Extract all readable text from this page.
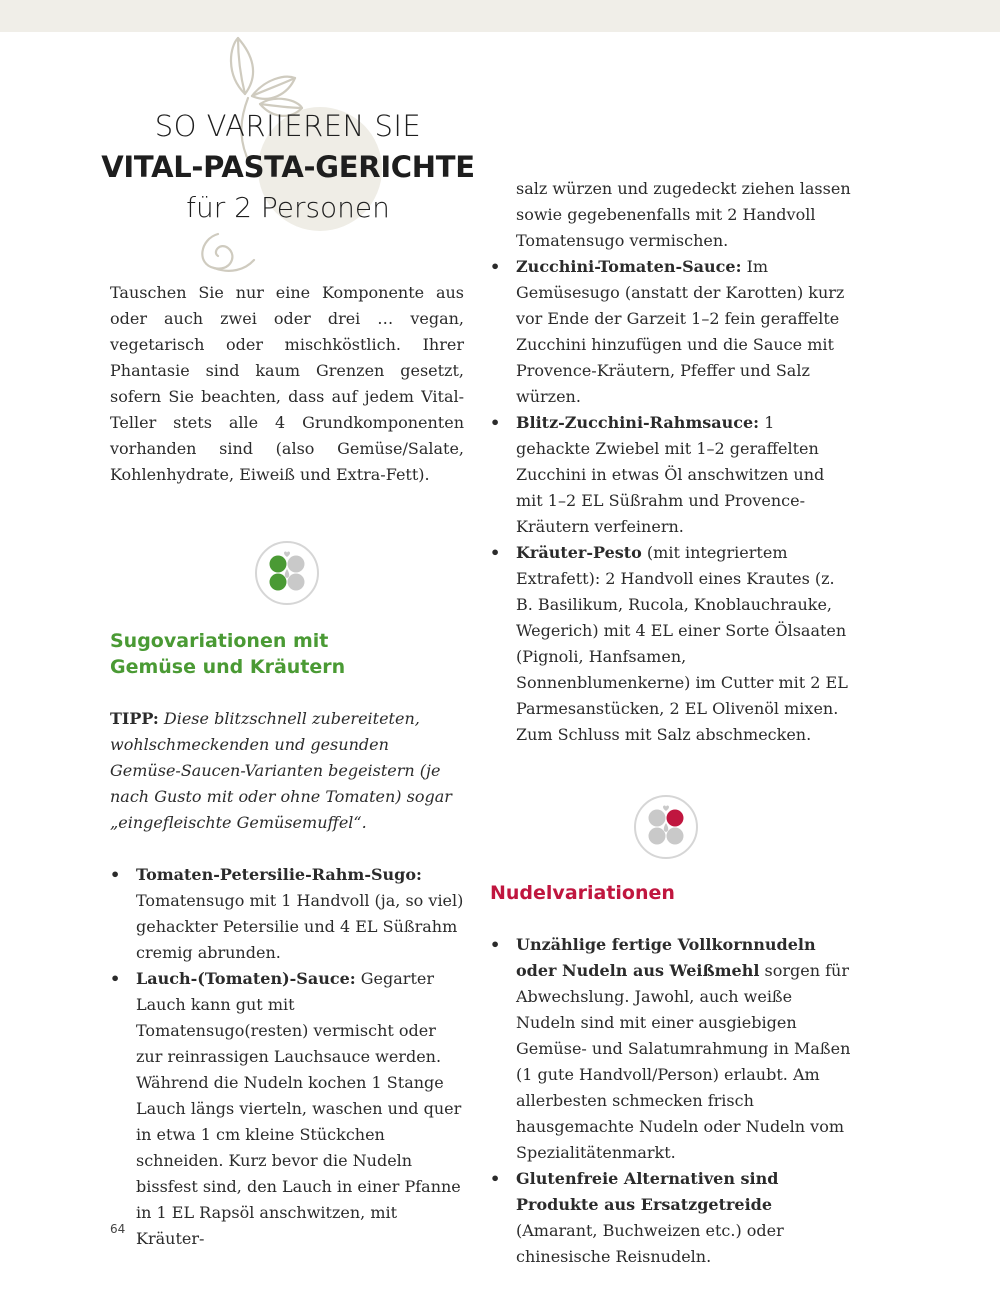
SO VARIIEREN SIE
VITAL-PASTA-GERICHTE
für 2 Personen

Tauschen Sie nur eine Komponente aus oder auch zwei oder drei … vegan, vegetarisch oder mischköstlich. Ihrer Phantasie sind kaum Grenzen gesetzt, sofern Sie beachten, dass auf jedem Vital-Teller stets alle 4 Grundkomponenten vorhanden sind (also Gemüse/Salate, Kohlenhydrate, Eiweiß und Extra-Fett).

Sugovariationen mit
Gemüse und Kräutern

TIPP: Diese blitzschnell zubereiteten, wohlschmeckenden und gesunden Gemüse-Saucen-Varianten begeistern (je nach Gusto mit oder ohne Tomaten) sogar „eingefleischte Gemüsemuffel“.

• Tomaten-Petersilie-Rahm-Sugo: Tomatensugo mit 1 Handvoll (ja, so viel) gehackter Petersilie und 4 EL Süßrahm cremig abrunden.
• Lauch-(Tomaten)-Sauce: Gegarter Lauch kann gut mit Tomatensugo(resten) vermischt oder zur reinrassigen Lauchsauce werden. Während die Nudeln kochen 1 Stange Lauch längs vierteln, waschen und quer in etwa 1 cm kleine Stückchen schneiden. Kurz bevor die Nudeln bissfest sind, den Lauch in einer Pfanne in 1 EL Rapsöl anschwitzen, mit Kräuter-
salz würzen und zugedeckt ziehen lassen sowie gegebenenfalls mit 2 Handvoll Tomatensugo vermischen.
• Zucchini-Tomaten-Sauce: Im Gemüsesugo (anstatt der Karotten) kurz vor Ende der Garzeit 1–2 fein geraffelte Zucchini hinzufügen und die Sauce mit Provence-Kräutern, Pfeffer und Salz würzen.
• Blitz-Zucchini-Rahmsauce: 1 gehackte Zwiebel mit 1–2 geraffelten Zucchini in etwas Öl anschwitzen und mit 1–2 EL Süßrahm und Provence-Kräutern verfeinern.
• Kräuter-Pesto (mit integriertem Extrafett): 2 Handvoll eines Krautes (z. B. Basilikum, Rucola, Knoblauchrauke, Wegerich) mit 4 EL einer Sorte Ölsaaten (Pignoli, Hanfsamen, Sonnenblumenkerne) im Cutter mit 2 EL Parmesanstücken, 2 EL Olivenöl mixen. Zum Schluss mit Salz abschmecken.
Nudelvariationen
• Unzählige fertige Vollkornnudeln oder Nudeln aus Weißmehl sorgen für Abwechslung. Jawohl, auch weiße Nudeln sind mit einer ausgiebigen Gemüse- und Salatumrahmung in Maßen (1 gute Handvoll/Person) erlaubt. Am allerbesten schmecken frisch hausgemachte Nudeln oder Nudeln vom Spezialitätenmarkt.
• Glutenfreie Alternativen sind Produkte aus Ersatzgetreide (Amarant, Buchweizen etc.) oder chinesische Reisnudeln.
64
